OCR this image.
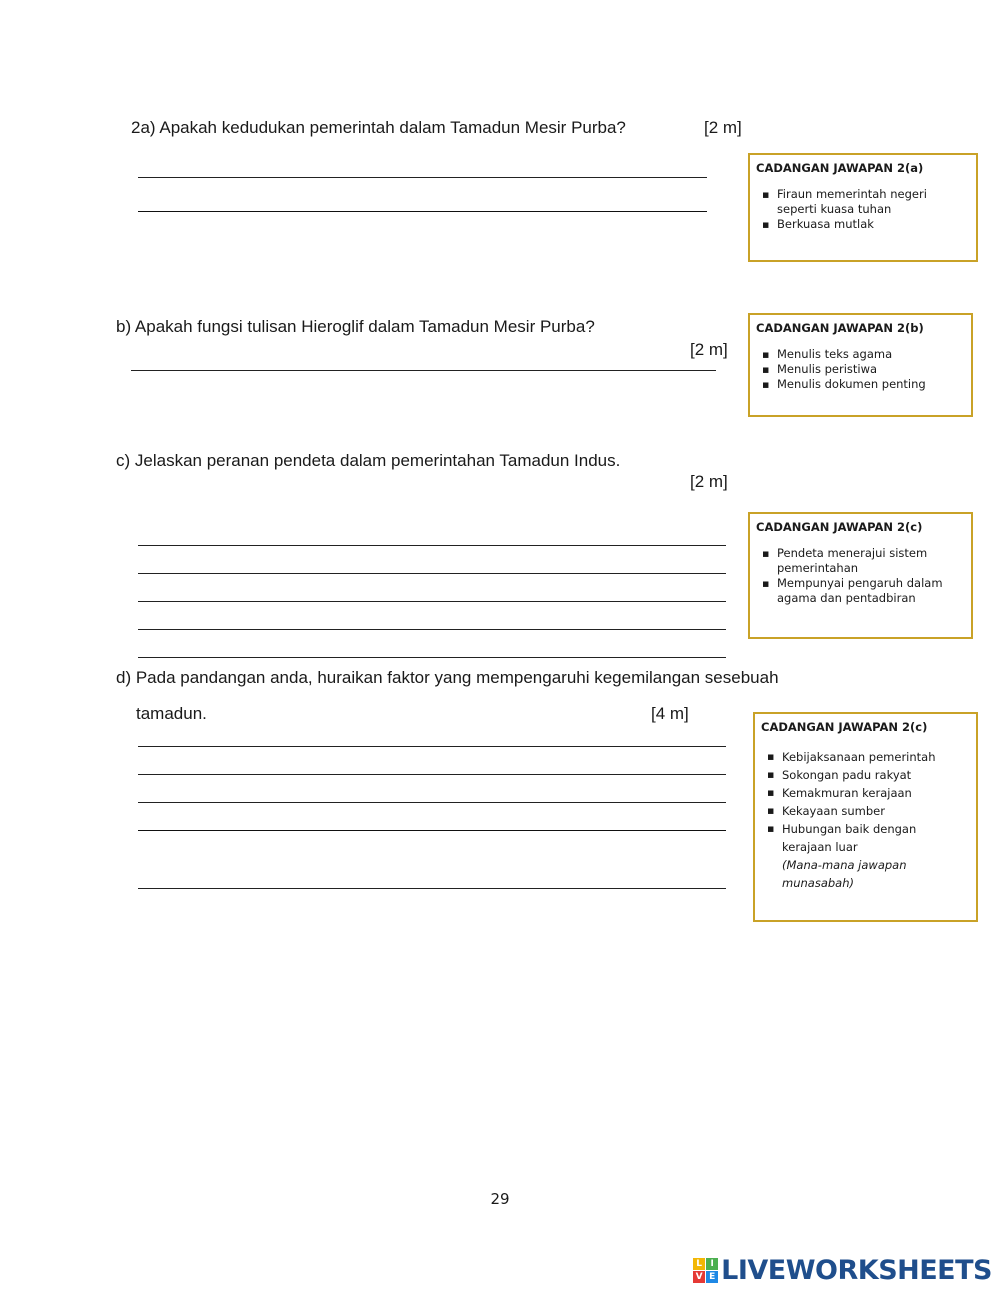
2a) Apakah kedudukan pemerintah dalam Tamadun Mesir Purba?	[2 m]
CADANGAN JAWAPAN 2(a)
▪ Firaun memerintah negeri seperti kuasa tuhan
▪ Berkuasa mutlak
b) Apakah fungsi tulisan Hieroglif dalam Tamadun Mesir Purba?
[2 m]
CADANGAN JAWAPAN 2(b)
▪ Menulis teks agama
▪ Menulis peristiwa
▪ Menulis dokumen penting
c) Jelaskan peranan pendeta dalam pemerintahan Tamadun Indus.
[2 m]
CADANGAN JAWAPAN 2(c)
▪ Pendeta menerajui sistem pemerintahan
▪ Mempunyai pengaruh dalam agama dan pentadbiran
d) Pada pandangan anda, huraikan faktor yang mempengaruhi kegemilangan sesebuah
tamadun.	[4 m]
CADANGAN JAWAPAN 2(c)
▪ Kebijaksanaan pemerintah
▪ Sokongan padu rakyat
▪ Kemakmuran kerajaan
▪ Kekayaan sumber
▪ Hubungan baik dengan kerajaan luar
(Mana-mana jawapan munasabah)
29
L I
V E LIVEWORKSHEETS
